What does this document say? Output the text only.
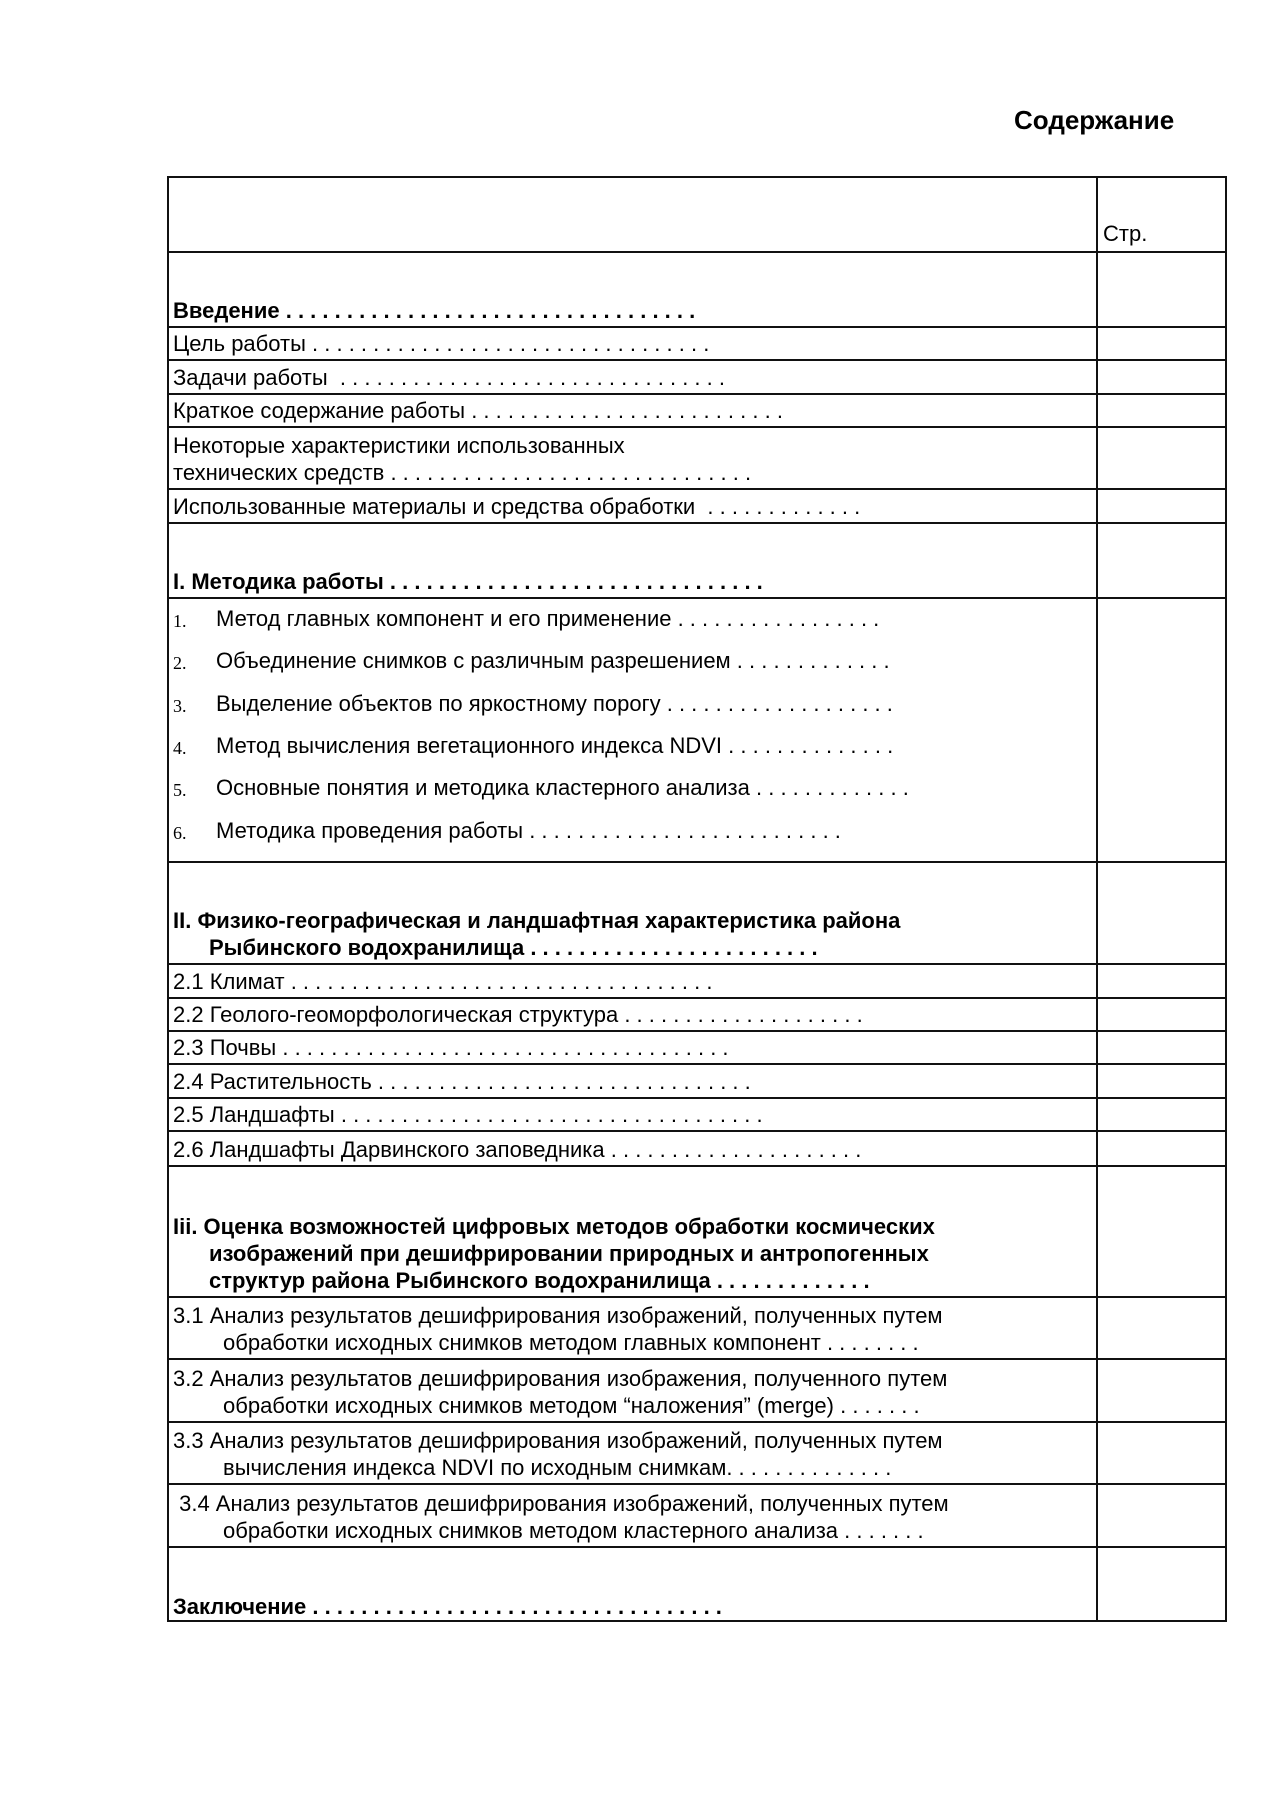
Содержание
Стр.
Введение . . . . . . . . . . . . . . . . . . . . . . . . . . . . . . . . . .
Цель работы . . . . . . . . . . . . . . . . . . . . . . . . . . . . . . . . .
Задачи работы  . . . . . . . . . . . . . . . . . . . . . . . . . . . . . . . .
Краткое содержание работы . . . . . . . . . . . . . . . . . . . . . . . . . .
Некоторые характеристики использованных
технических средств . . . . . . . . . . . . . . . . . . . . . . . . . . . . . .
Использованные материалы и средства обработки  . . . . . . . . . . . . .
I. Методика работы . . . . . . . . . . . . . . . . . . . . . . . . . . . . . . .
1.	Метод главных компонент и его применение . . . . . . . . . . . . . . . . .
2.	Объединение снимков с различным разрешением . . . . . . . . . . . . .
3.	Выделение объектов по яркостному порогу . . . . . . . . . . . . . . . . . . .
4.	Метод вычисления вегетационного индекса NDVI . . . . . . . . . . . . . .
5.	Основные понятия и методика кластерного анализа . . . . . . . . . . . . .
6.	Методика проведения работы . . . . . . . . . . . . . . . . . . . . . . . . . .
II. Физико-географическая и ландшафтная характеристика района
Рыбинского водохранилища . . . . . . . . . . . . . . . . . . . . . . . .
2.1 Климат . . . . . . . . . . . . . . . . . . . . . . . . . . . . . . . . . . .
2.2 Геолого-геоморфологическая структура . . . . . . . . . . . . . . . . . . . .
2.3 Почвы . . . . . . . . . . . . . . . . . . . . . . . . . . . . . . . . . . . . .
2.4 Растительность . . . . . . . . . . . . . . . . . . . . . . . . . . . . . . .
2.5 Ландшафты . . . . . . . . . . . . . . . . . . . . . . . . . . . . . . . . . . .
2.6 Ландшафты Дарвинского заповедника . . . . . . . . . . . . . . . . . . . . .
Iii. Оценка возможностей цифровых методов обработки космических
изображений при дешифрировании природных и антропогенных
структур района Рыбинского водохранилища . . . . . . . . . . . . .
3.1 Анализ результатов дешифрирования изображений, полученных путем
обработки исходных снимков методом главных компонент . . . . . . . .
3.2 Анализ результатов дешифрирования изображения, полученного путем
обработки исходных снимков методом “наложения” (merge) . . . . . . .
3.3 Анализ результатов дешифрирования изображений, полученных путем
вычисления индекса NDVI по исходным снимкам. . . . . . . . . . . . . .
3.4 Анализ результатов дешифрирования изображений, полученных путем
обработки исходных снимков методом кластерного анализа . . . . . . .
Заключение . . . . . . . . . . . . . . . . . . . . . . . . . . . . . . . . . .
